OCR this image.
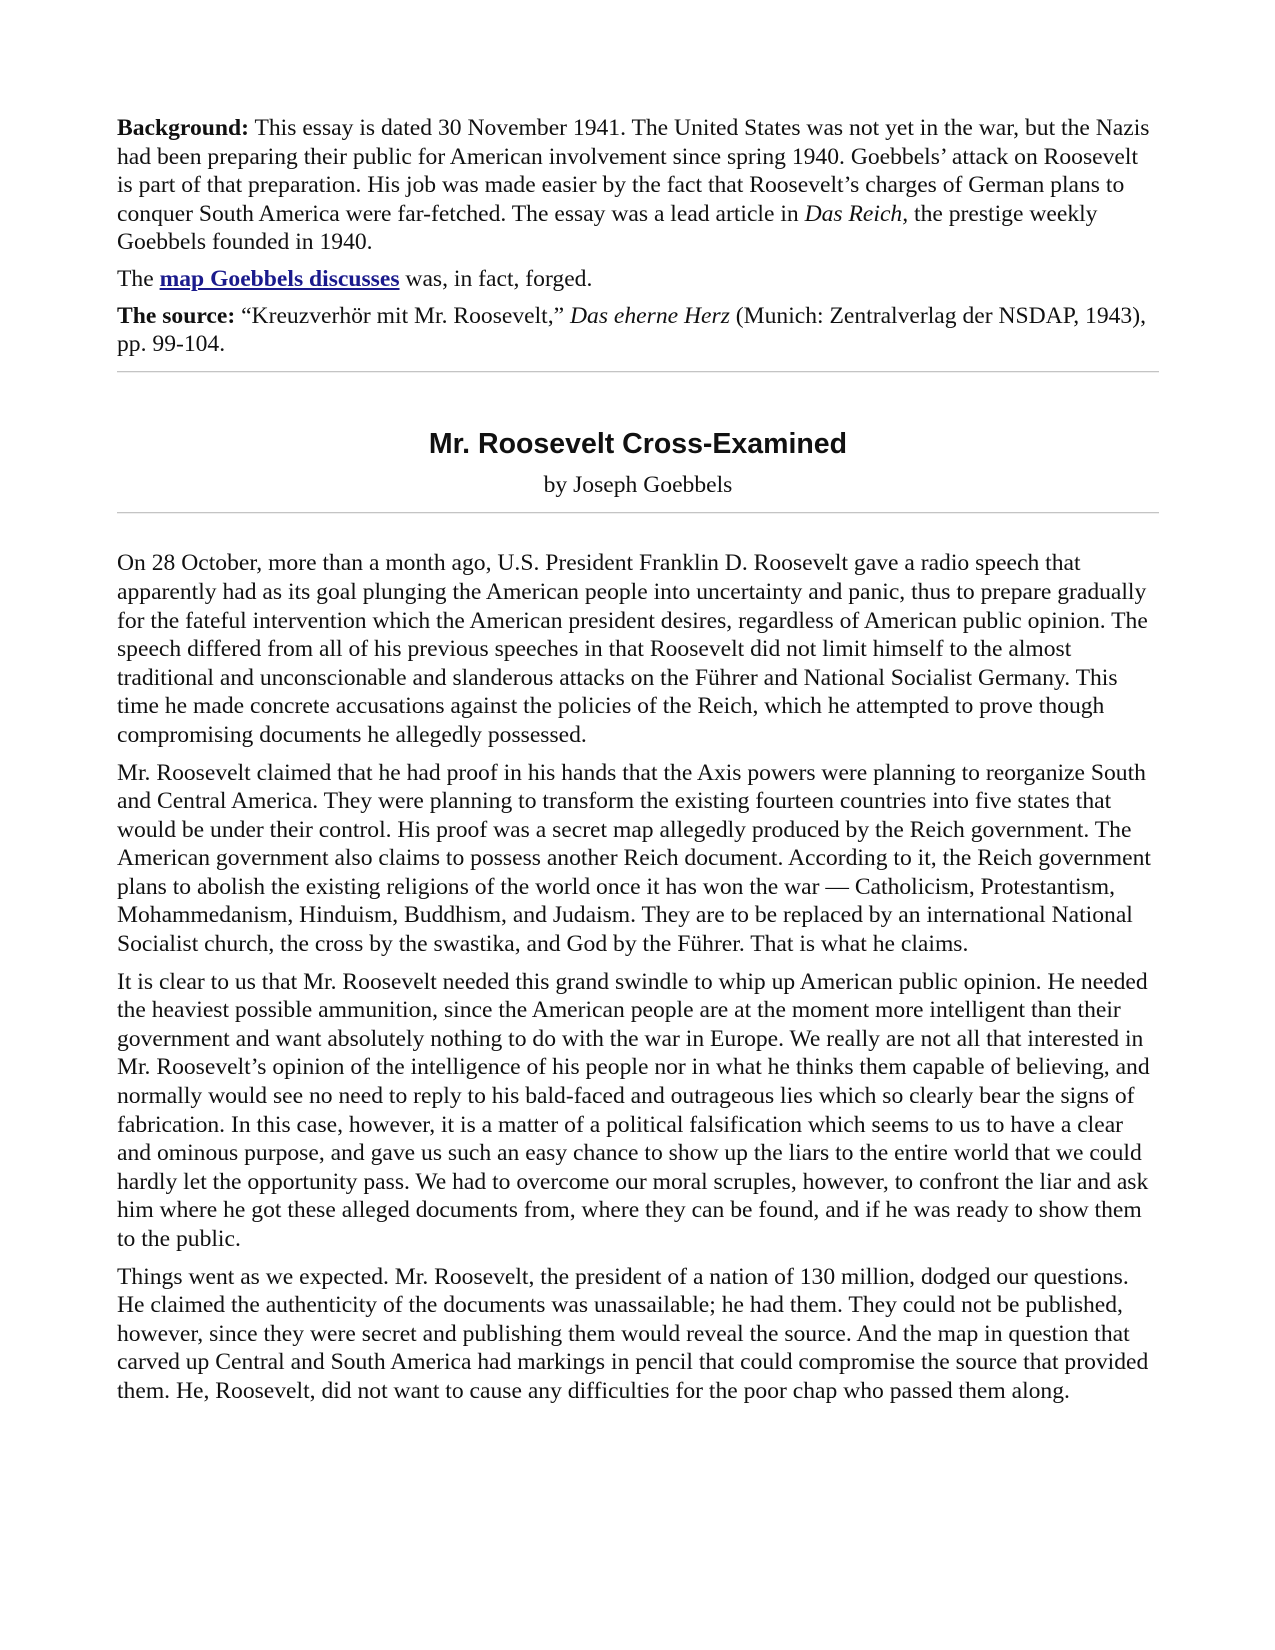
Background: This essay is dated 30 November 1941. The United States was not yet in the war, but the Nazis had been preparing their public for American involvement since spring 1940. Goebbels’ attack on Roosevelt is part of that preparation. His job was made easier by the fact that Roosevelt’s charges of German plans to conquer South America were far-fetched. The essay was a lead article in Das Reich, the prestige weekly Goebbels founded in 1940.

The map Goebbels discusses was, in fact, forged.

The source: “Kreuzverhör mit Mr. Roosevelt,” Das eherne Herz (Munich: Zentralverlag der NSDAP, 1943), pp. 99-104.

Mr. Roosevelt Cross-Examined

by Joseph Goebbels

On 28 October, more than a month ago, U.S. President Franklin D. Roosevelt gave a radio speech that apparently had as its goal plunging the American people into uncertainty and panic, thus to prepare gradually for the fateful intervention which the American president desires, regardless of American public opinion. The speech differed from all of his previous speeches in that Roosevelt did not limit himself to the almost traditional and unconscionable and slanderous attacks on the Führer and National Socialist Germany. This time he made concrete accusations against the policies of the Reich, which he attempted to prove though compromising documents he allegedly possessed.

Mr. Roosevelt claimed that he had proof in his hands that the Axis powers were planning to reorganize South and Central America. They were planning to transform the existing fourteen countries into five states that would be under their control. His proof was a secret map allegedly produced by the Reich government. The American government also claims to possess another Reich document. According to it, the Reich government plans to abolish the existing religions of the world once it has won the war — Catholicism, Protestantism, Mohammedanism, Hinduism, Buddhism, and Judaism. They are to be replaced by an international National Socialist church, the cross by the swastika, and God by the Führer. That is what he claims.

It is clear to us that Mr. Roosevelt needed this grand swindle to whip up American public opinion. He needed the heaviest possible ammunition, since the American people are at the moment more intelligent than their government and want absolutely nothing to do with the war in Europe. We really are not all that interested in Mr. Roosevelt’s opinion of the intelligence of his people nor in what he thinks them capable of believing, and normally would see no need to reply to his bald-faced and outrageous lies which so clearly bear the signs of fabrication. In this case, however, it is a matter of a political falsification which seems to us to have a clear and ominous purpose, and gave us such an easy chance to show up the liars to the entire world that we could hardly let the opportunity pass. We had to overcome our moral scruples, however, to confront the liar and ask him where he got these alleged documents from, where they can be found, and if he was ready to show them to the public.

Things went as we expected. Mr. Roosevelt, the president of a nation of 130 million, dodged our questions. He claimed the authenticity of the documents was unassailable; he had them. They could not be published, however, since they were secret and publishing them would reveal the source. And the map in question that carved up Central and South America had markings in pencil that could compromise the source that provided them. He, Roosevelt, did not want to cause any difficulties for the poor chap who passed them along.
